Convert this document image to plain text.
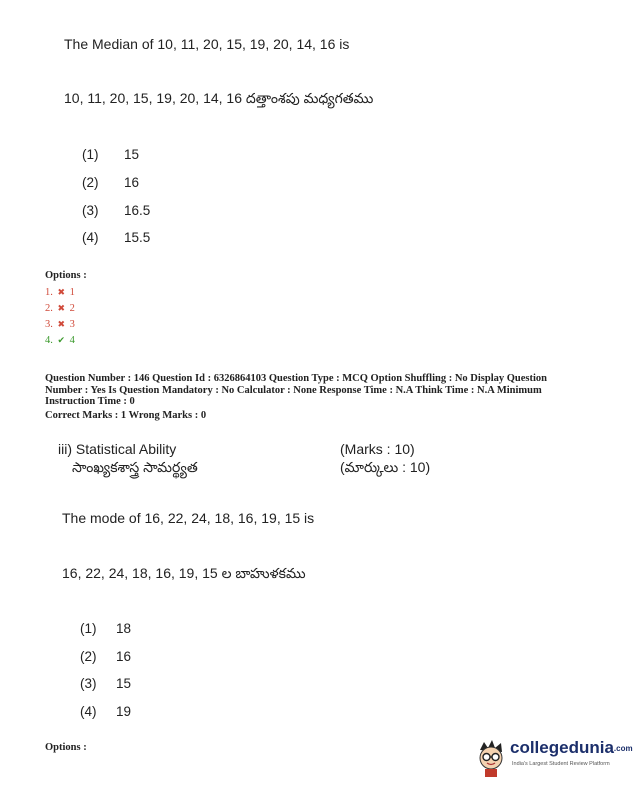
The Median of 10, 11, 20, 15, 19, 20, 14, 16 is
10, 11, 20, 15, 19, 20, 14, 16 దత్తాంశపు మధ్యగతము
(1) 15
(2) 16
(3) 16.5
(4) 15.5
Options :
1. ✖ 1
2. ✖ 2
3. ✖ 3
4. ✔ 4
Question Number : 146 Question Id : 6326864103 Question Type : MCQ Option Shuffling : No Display Question Number : Yes Is Question Mandatory : No Calculator : None Response Time : N.A Think Time : N.A Minimum Instruction Time : 0
Correct Marks : 1 Wrong Marks : 0
iii) Statistical Ability
సాంఖ్యకశాస్త్ర సామర్థ్యత
(Marks : 10)
(మార్కులు : 10)
The mode of 16, 22, 24, 18, 16, 19, 15 is
16, 22, 24, 18, 16, 19, 15 ల బాహుళకము
(1) 18
(2) 16
(3) 15
(4) 19
Options :	collegedunia.com
India's Largest Student Review Platform
